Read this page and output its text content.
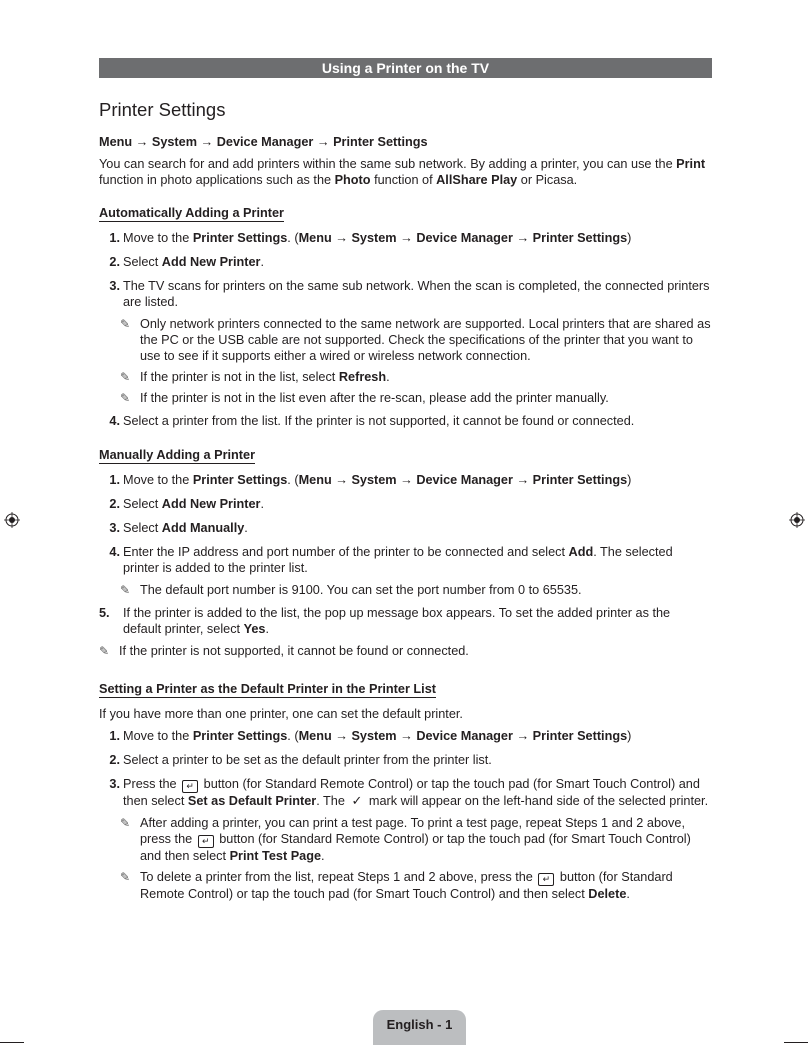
Using a Printer on the TV
Printer Settings

Menu → System → Device Manager → Printer Settings

You can search for and add printers within the same sub network. By adding a printer, you can use the Print function in photo applications such as the Photo function of AllShare Play or Picasa.

Automatically Adding a Printer
1. Move to the Printer Settings. (Menu → System → Device Manager → Printer Settings)
2. Select Add New Printer.
3. The TV scans for printers on the same sub network. When the scan is completed, the connected printers are listed.
✎ Only network printers connected to the same network are supported. Local printers that are shared as the PC or the USB cable are not supported. Check the specifications of the printer that you want to use to see if it supports either a wired or wireless network connection.
✎ If the printer is not in the list, select Refresh.
✎ If the printer is not in the list even after the re-scan, please add the printer manually.
4. Select a printer from the list. If the printer is not supported, it cannot be found or connected.
Manually Adding a Printer
1. Move to the Printer Settings. (Menu → System → Device Manager → Printer Settings)
2. Select Add New Printer.
3. Select Add Manually.
4. Enter the IP address and port number of the printer to be connected and select Add. The selected printer is added to the printer list.
✎ The default port number is 9100. You can set the port number from 0 to 65535.
5.	If the printer is added to the list, the pop up message box appears. To set the added printer as the default printer, select Yes.
✎ If the printer is not supported, it cannot be found or connected.
Setting a Printer as the Default Printer in the Printer List

If you have more than one printer, one can set the default printer.

1. Move to the Printer Settings. (Menu → System → Device Manager → Printer Settings)
2. Select a printer to be set as the default printer from the printer list.
3. Press the ↵ button (for Standard Remote Control) or tap the touch pad (for Smart Touch Control) and then select Set as Default Printer. The ✓ mark will appear on the left-hand side of the selected printer.
✎ After adding a printer, you can print a test page. To print a test page, repeat Steps 1 and 2 above, press the ↵ button (for Standard Remote Control) or tap the touch pad (for Smart Touch Control) and then select Print Test Page.
✎ To delete a printer from the list, repeat Steps 1 and 2 above, press the ↵ button (for Standard Remote Control) or tap the touch pad (for Smart Touch Control) and then select Delete.
English - 1
